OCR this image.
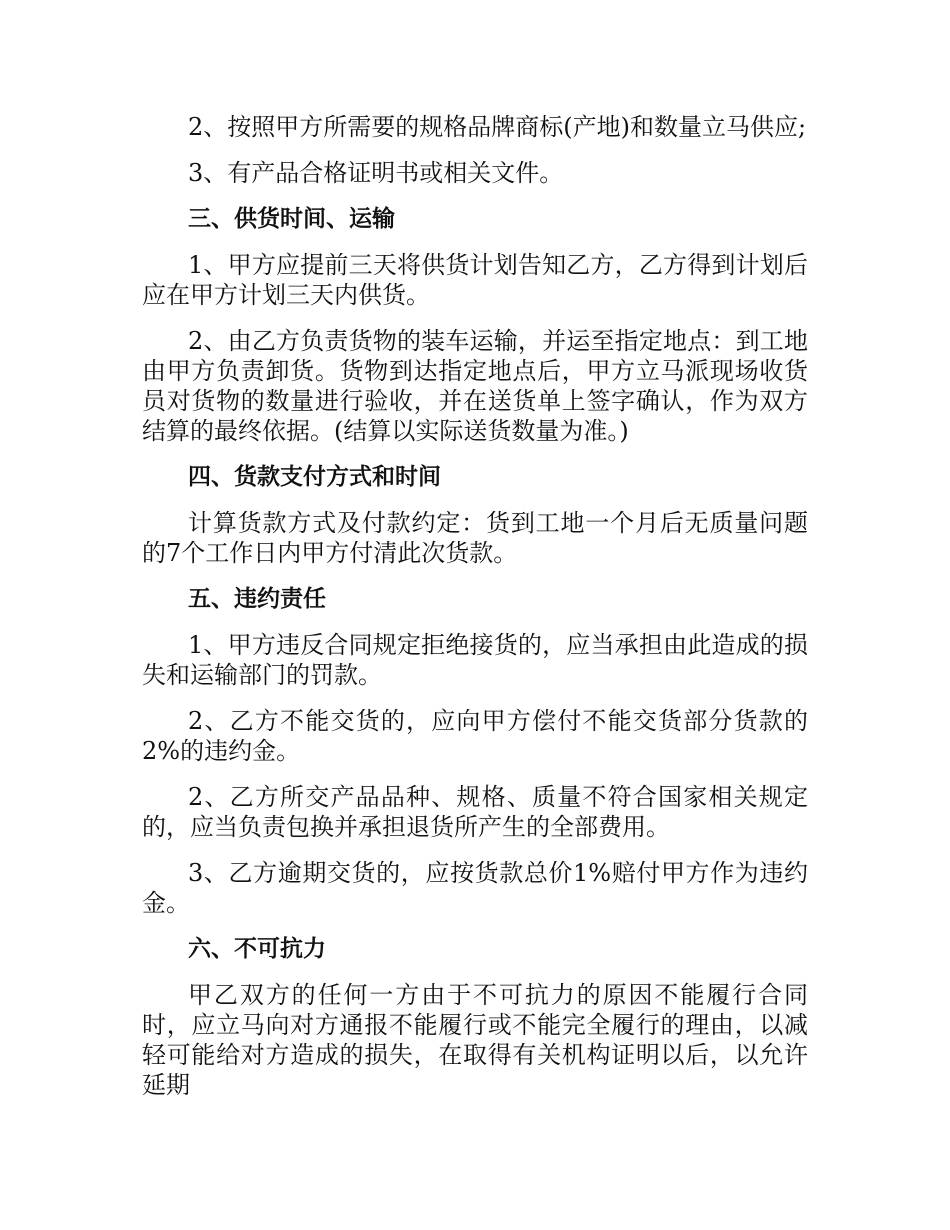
2、按照甲方所需要的规格品牌商标(产地)和数量立马供应;

3、有产品合格证明书或相关文件。

三、供货时间、运输

1、甲方应提前三天将供货计划告知乙方，乙方得到计划后应在甲方计划三天内供货。

2、由乙方负责货物的装车运输，并运至指定地点：到工地由甲方负责卸货。货物到达指定地点后，甲方立马派现场收货员对货物的数量进行验收，并在送货单上签字确认，作为双方结算的最终依据。(结算以实际送货数量为准。)

四、货款支付方式和时间

计算货款方式及付款约定：货到工地一个月后无质量问题的7个工作日内甲方付清此次货款。

五、违约责任

1、甲方违反合同规定拒绝接货的，应当承担由此造成的损失和运输部门的罚款。

2、乙方不能交货的，应向甲方偿付不能交货部分货款的2%的违约金。

2、乙方所交产品品种、规格、质量不符合国家相关规定的，应当负责包换并承担退货所产生的全部费用。

3、乙方逾期交货的，应按货款总价1%赔付甲方作为违约金。

六、不可抗力

甲乙双方的任何一方由于不可抗力的原因不能履行合同时，应立马向对方通报不能履行或不能完全履行的理由，以减轻可能给对方造成的损失，在取得有关机构证明以后，以允许延期
